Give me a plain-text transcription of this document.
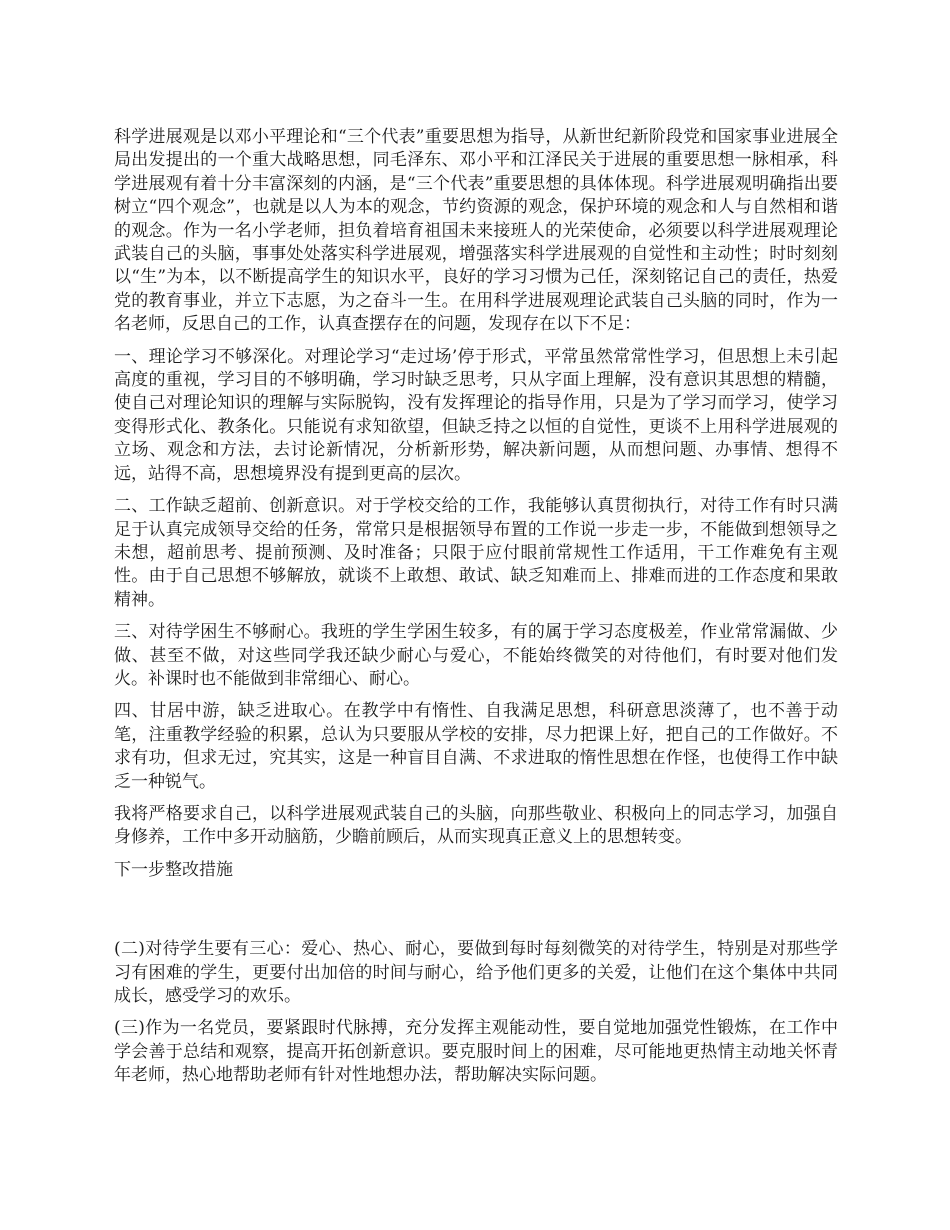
科学进展观是以邓小平理论和“三个代表”重要思想为指导，从新世纪新阶段党和国家事业进展全局出发提出的一个重大战略思想，同毛泽东、邓小平和江泽民关于进展的重要思想一脉相承，科学进展观有着十分丰富深刻的内涵，是“三个代表”重要思想的具体体现。科学进展观明确指出要树立“四个观念”，也就是以人为本的观念，节约资源的观念，保护环境的观念和人与自然相和谐的观念。作为一名小学老师，担负着培育祖国未来接班人的光荣使命，必须要以科学进展观理论武装自己的头脑，事事处处落实科学进展观，增强落实科学进展观的自觉性和主动性；时时刻刻以“生”为本，以不断提高学生的知识水平，良好的学习习惯为己任，深刻铭记自己的责任，热爱党的教育事业，并立下志愿，为之奋斗一生。在用科学进展观理论武装自己头脑的同时，作为一名老师，反思自己的工作，认真查摆存在的问题，发现存在以下不足：

一、理论学习不够深化。对理论学习“走过场’停于形式，平常虽然常常性学习，但思想上未引起高度的重视，学习目的不够明确，学习时缺乏思考，只从字面上理解，没有意识其思想的精髓，使自己对理论知识的理解与实际脱钩，没有发挥理论的指导作用，只是为了学习而学习，使学习变得形式化、教条化。只能说有求知欲望，但缺乏持之以恒的自觉性，更谈不上用科学进展观的立场、观念和方法，去讨论新情况，分析新形势，解决新问题，从而想问题、办事情、想得不远，站得不高，思想境界没有提到更高的层次。

二、工作缺乏超前、创新意识。对于学校交给的工作，我能够认真贯彻执行，对待工作有时只满足于认真完成领导交给的任务，常常只是根据领导布置的工作说一步走一步，不能做到想领导之未想，超前思考、提前预测、及时准备；只限于应付眼前常规性工作适用，干工作难免有主观性。由于自己思想不够解放，就谈不上敢想、敢试、缺乏知难而上、排难而进的工作态度和果敢精神。

三、对待学困生不够耐心。我班的学生学困生较多，有的属于学习态度极差，作业常常漏做、少做、甚至不做，对这些同学我还缺少耐心与爱心，不能始终微笑的对待他们，有时要对他们发火。补课时也不能做到非常细心、耐心。

四、甘居中游，缺乏进取心。在教学中有惰性、自我满足思想，科研意思淡薄了，也不善于动笔，注重教学经验的积累，总认为只要服从学校的安排，尽力把课上好，把自己的工作做好。不求有功，但求无过，究其实，这是一种盲目自满、不求进取的惰性思想在作怪，也使得工作中缺乏一种锐气。

我将严格要求自己，以科学进展观武装自己的头脑，向那些敬业、积极向上的同志学习，加强自身修养，工作中多开动脑筋，少瞻前顾后，从而实现真正意义上的思想转变。

下一步整改措施

(二)对待学生要有三心：爱心、热心、耐心，要做到每时每刻微笑的对待学生，特别是对那些学习有困难的学生，更要付出加倍的时间与耐心，给予他们更多的关爱，让他们在这个集体中共同成长，感受学习的欢乐。

(三)作为一名党员，要紧跟时代脉搏，充分发挥主观能动性，要自觉地加强党性锻炼，在工作中学会善于总结和观察，提高开拓创新意识。要克服时间上的困难，尽可能地更热情主动地关怀青年老师，热心地帮助老师有针对性地想办法，帮助解决实际问题。
